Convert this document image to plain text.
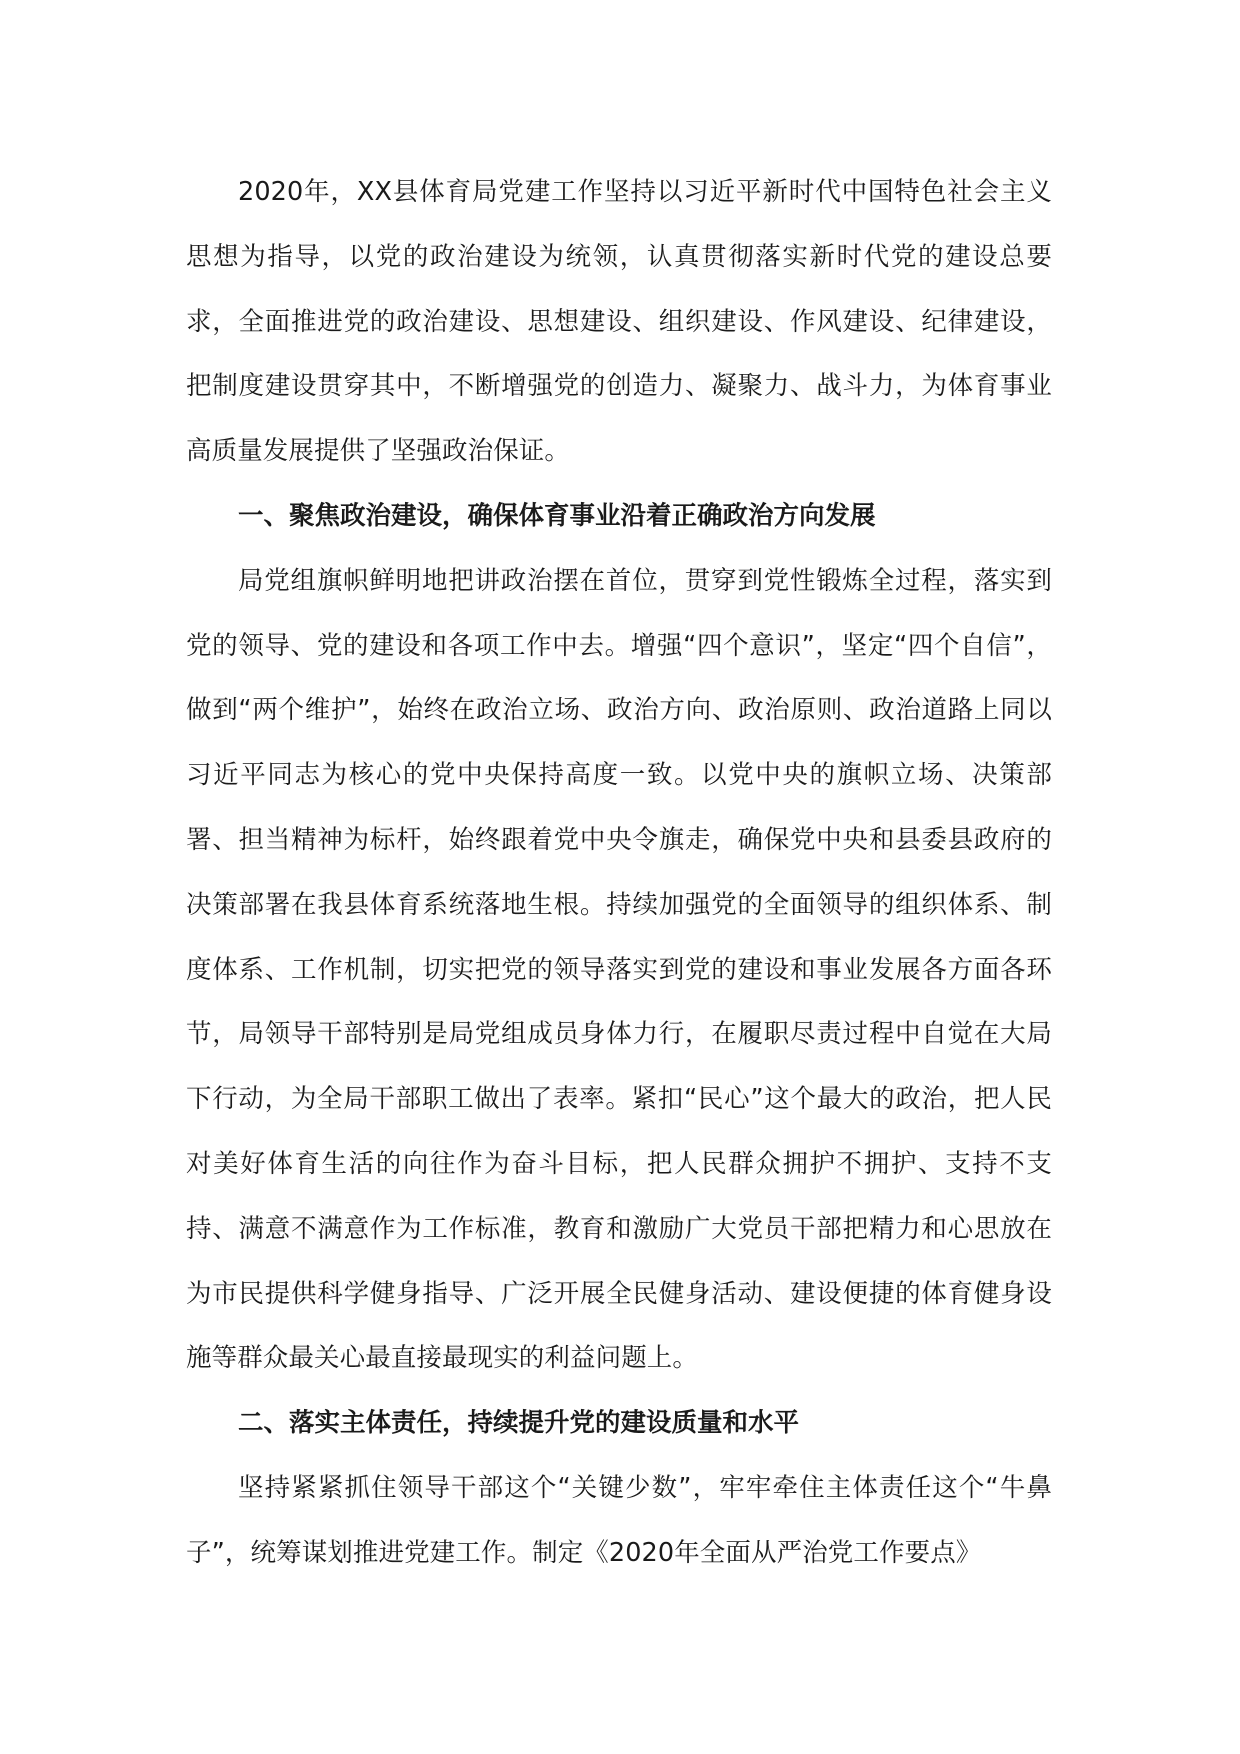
2020年，XX县体育局党建工作坚持以习近平新时代中国特色社会主义思想为指导，以党的政治建设为统领，认真贯彻落实新时代党的建设总要求，全面推进党的政治建设、思想建设、组织建设、作风建设、纪律建设，把制度建设贯穿其中，不断增强党的创造力、凝聚力、战斗力，为体育事业高质量发展提供了坚强政治保证。

一、聚焦政治建设，确保体育事业沿着正确政治方向发展

局党组旗帜鲜明地把讲政治摆在首位，贯穿到党性锻炼全过程，落实到党的领导、党的建设和各项工作中去。增强“四个意识”，坚定“四个自信”，做到“两个维护”，始终在政治立场、政治方向、政治原则、政治道路上同以习近平同志为核心的党中央保持高度一致。以党中央的旗帜立场、决策部署、担当精神为标杆，始终跟着党中央令旗走，确保党中央和县委县政府的决策部署在我县体育系统落地生根。持续加强党的全面领导的组织体系、制度体系、工作机制，切实把党的领导落实到党的建设和事业发展各方面各环节，局领导干部特别是局党组成员身体力行，在履职尽责过程中自觉在大局下行动，为全局干部职工做出了表率。紧扣“民心”这个最大的政治，把人民对美好体育生活的向往作为奋斗目标，把人民群众拥护不拥护、支持不支持、满意不满意作为工作标准，教育和激励广大党员干部把精力和心思放在为市民提供科学健身指导、广泛开展全民健身活动、建设便捷的体育健身设施等群众最关心最直接最现实的利益问题上。

二、落实主体责任，持续提升党的建设质量和水平

坚持紧紧抓住领导干部这个“关键少数”，牢牢牵住主体责任这个“牛鼻子”，统筹谋划推进党建工作。制定《2020年全面从严治党工作要点》
